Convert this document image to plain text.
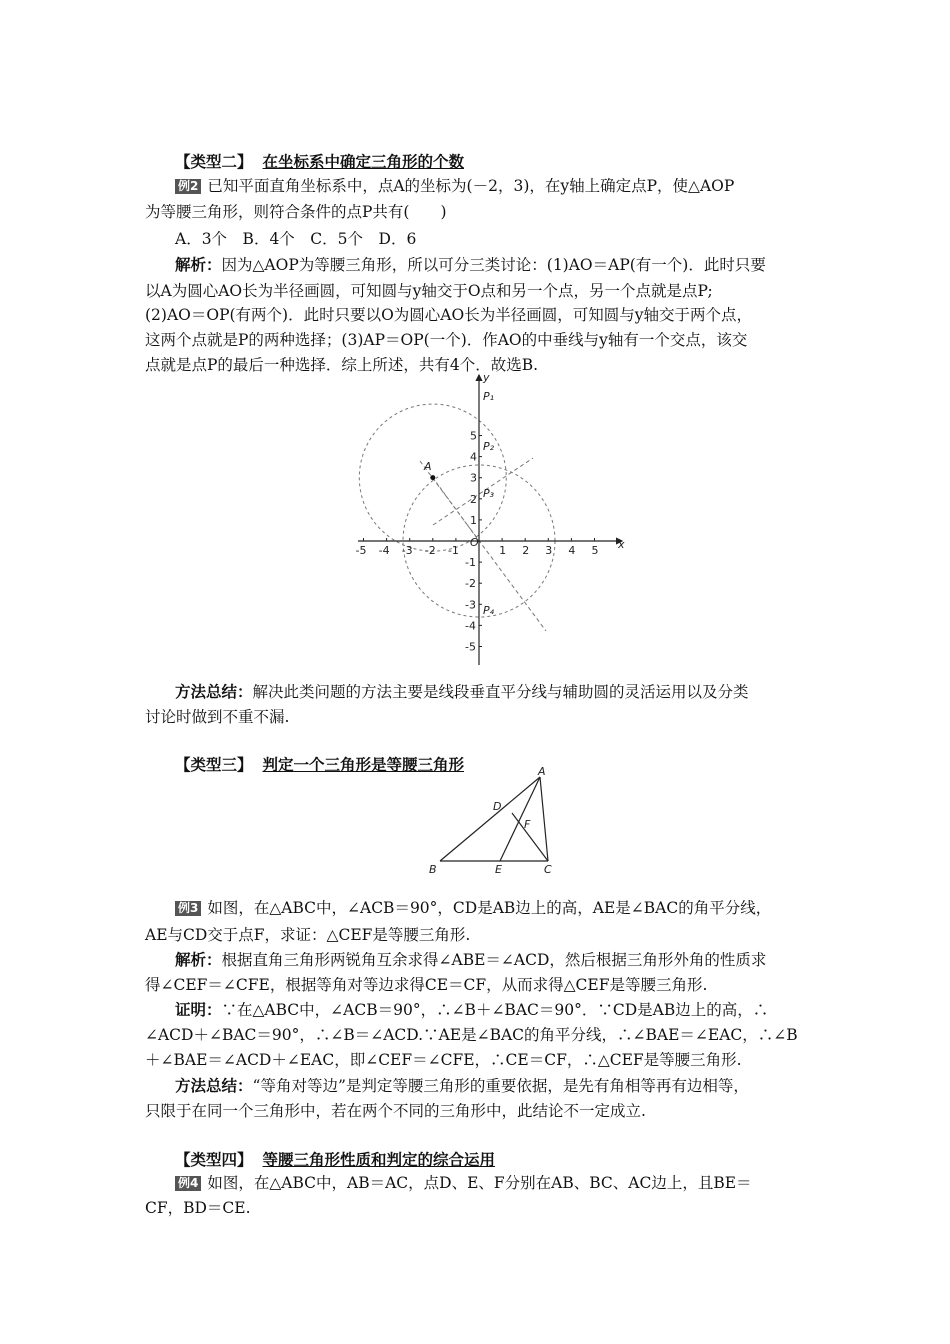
【类型二】 在坐标系中确定三角形的个数
例2 已知平面直角坐标系中，点A的坐标为(－2，3)，在y轴上确定点P，使△AOP
为等腰三角形，则符合条件的点P共有(　　)
A．3个　B．4个　C．5个　D．6
解析：因为△AOP为等腰三角形，所以可分三类讨论：(1)AO＝AP(有一个)．此时只要
以A为圆心AO长为半径画圆，可知圆与y轴交于O点和另一个点，另一个点就是点P;
(2)AO＝OP(有两个)．此时只要以O为圆心AO长为半径画圆，可知圆与y轴交于两个点，
这两个点就是P的两种选择；(3)AP＝OP(一个)．作AO的中垂线与y轴有一个交点，该交
点就是点P的最后一种选择．综上所述，共有4个．故选B.
-5 -4 -3 -2 -1	1 2 3 4 5
5
4
3
2
1
-1
-2
-3
-4
-5
x
y
O
A
P₁
P₂
P₃
P₄
方法总结：解决此类问题的方法主要是线段垂直平分线与辅助圆的灵活运用以及分类
讨论时做到不重不漏.
【类型三】 判定一个三角形是等腰三角形	A
B	C
D
E
F
例3 如图，在△ABC中，∠ACB＝90°，CD是AB边上的高，AE是∠BAC的角平分线，
AE与CD交于点F，求证：△CEF是等腰三角形.
解析：根据直角三角形两锐角互余求得∠ABE＝∠ACD，然后根据三角形外角的性质求
得∠CEF＝∠CFE，根据等角对等边求得CE＝CF，从而求得△CEF是等腰三角形.
证明：∵在△ABC中，∠ACB＝90°，∴∠B＋∠BAC＝90°．∵CD是AB边上的高，∴
∠ACD＋∠BAC＝90°，∴∠B＝∠ACD.∵AE是∠BAC的角平分线，∴∠BAE＝∠EAC，∴∠B
＋∠BAE＝∠ACD＋∠EAC，即∠CEF＝∠CFE，∴CE＝CF，∴△CEF是等腰三角形.
方法总结：“等角对等边”是判定等腰三角形的重要依据，是先有角相等再有边相等，
只限于在同一个三角形中，若在两个不同的三角形中，此结论不一定成立.
【类型四】 等腰三角形性质和判定的综合运用
例4 如图，在△ABC中，AB＝AC，点D、E、F分别在AB、BC、AC边上，且BE＝
CF，BD＝CE.
